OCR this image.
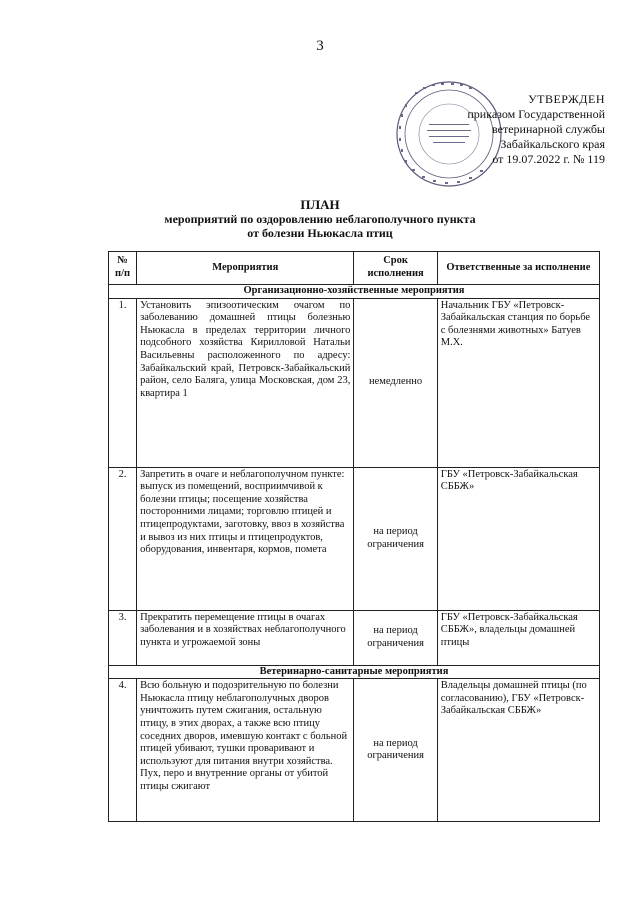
3
УТВЕРЖДЕН
приказом Государственной
ветеринарной службы
Забайкальского края
от 19.07.2022 г. № 119
ПЛАН
мероприятий по оздоровлению неблагополучного пункта
от болезни Ньюкасла птиц
№ п/п	Мероприятия	Срок исполнения	Ответственные за исполнение
Организационно-хозяйственные мероприятия			
1.	Установить эпизоотическим очагом по заболеванию домашней птицы болезнью Ньюкасла в пределах территории личного подсобного хозяйства Кирилловой Натальи Васильевны расположенного по адресу: Забайкальский край, Петровск-Забайкальский район, село Баляга, улица Московская, дом 23, квартира 1	немедленно	Начальник ГБУ «Петровск-Забайкальская станция по борьбе с болезнями животных» Батуев М.Х.
2.	Запретить в очаге и неблагополучном пункте: выпуск из помещений, восприимчивой к болезни птицы; посещение хозяйства посторонними лицами; торговлю птицей и птицепродуктами, заготовку, ввоз в хозяйства и вывоз из них птицы и птицепродуктов, оборудования, инвентаря, кормов, помета	на период ограничения	ГБУ «Петровск-Забайкальская СББЖ»
3.	Прекратить перемещение птицы в очагах заболевания и в хозяйствах неблагополучного пункта и угрожаемой зоны	на период ограничения	ГБУ «Петровск-Забайкальская СББЖ», владельцы домашней птицы
Ветеринарно-санитарные мероприятия			
4.	Всю больную и подозрительную по болезни Ньюкасла птицу неблагополучных дворов уничтожить путем сжигания, остальную птицу, в этих дворах, а также всю птицу соседних дворов, имевшую контакт с больной птицей убивают, тушки проваривают и используют для питания внутри хозяйства. Пух, перо и внутренние органы от убитой птицы сжигают	на период ограничения	Владельцы домашней птицы (по согласованию), ГБУ «Петровск-Забайкальская СББЖ»
